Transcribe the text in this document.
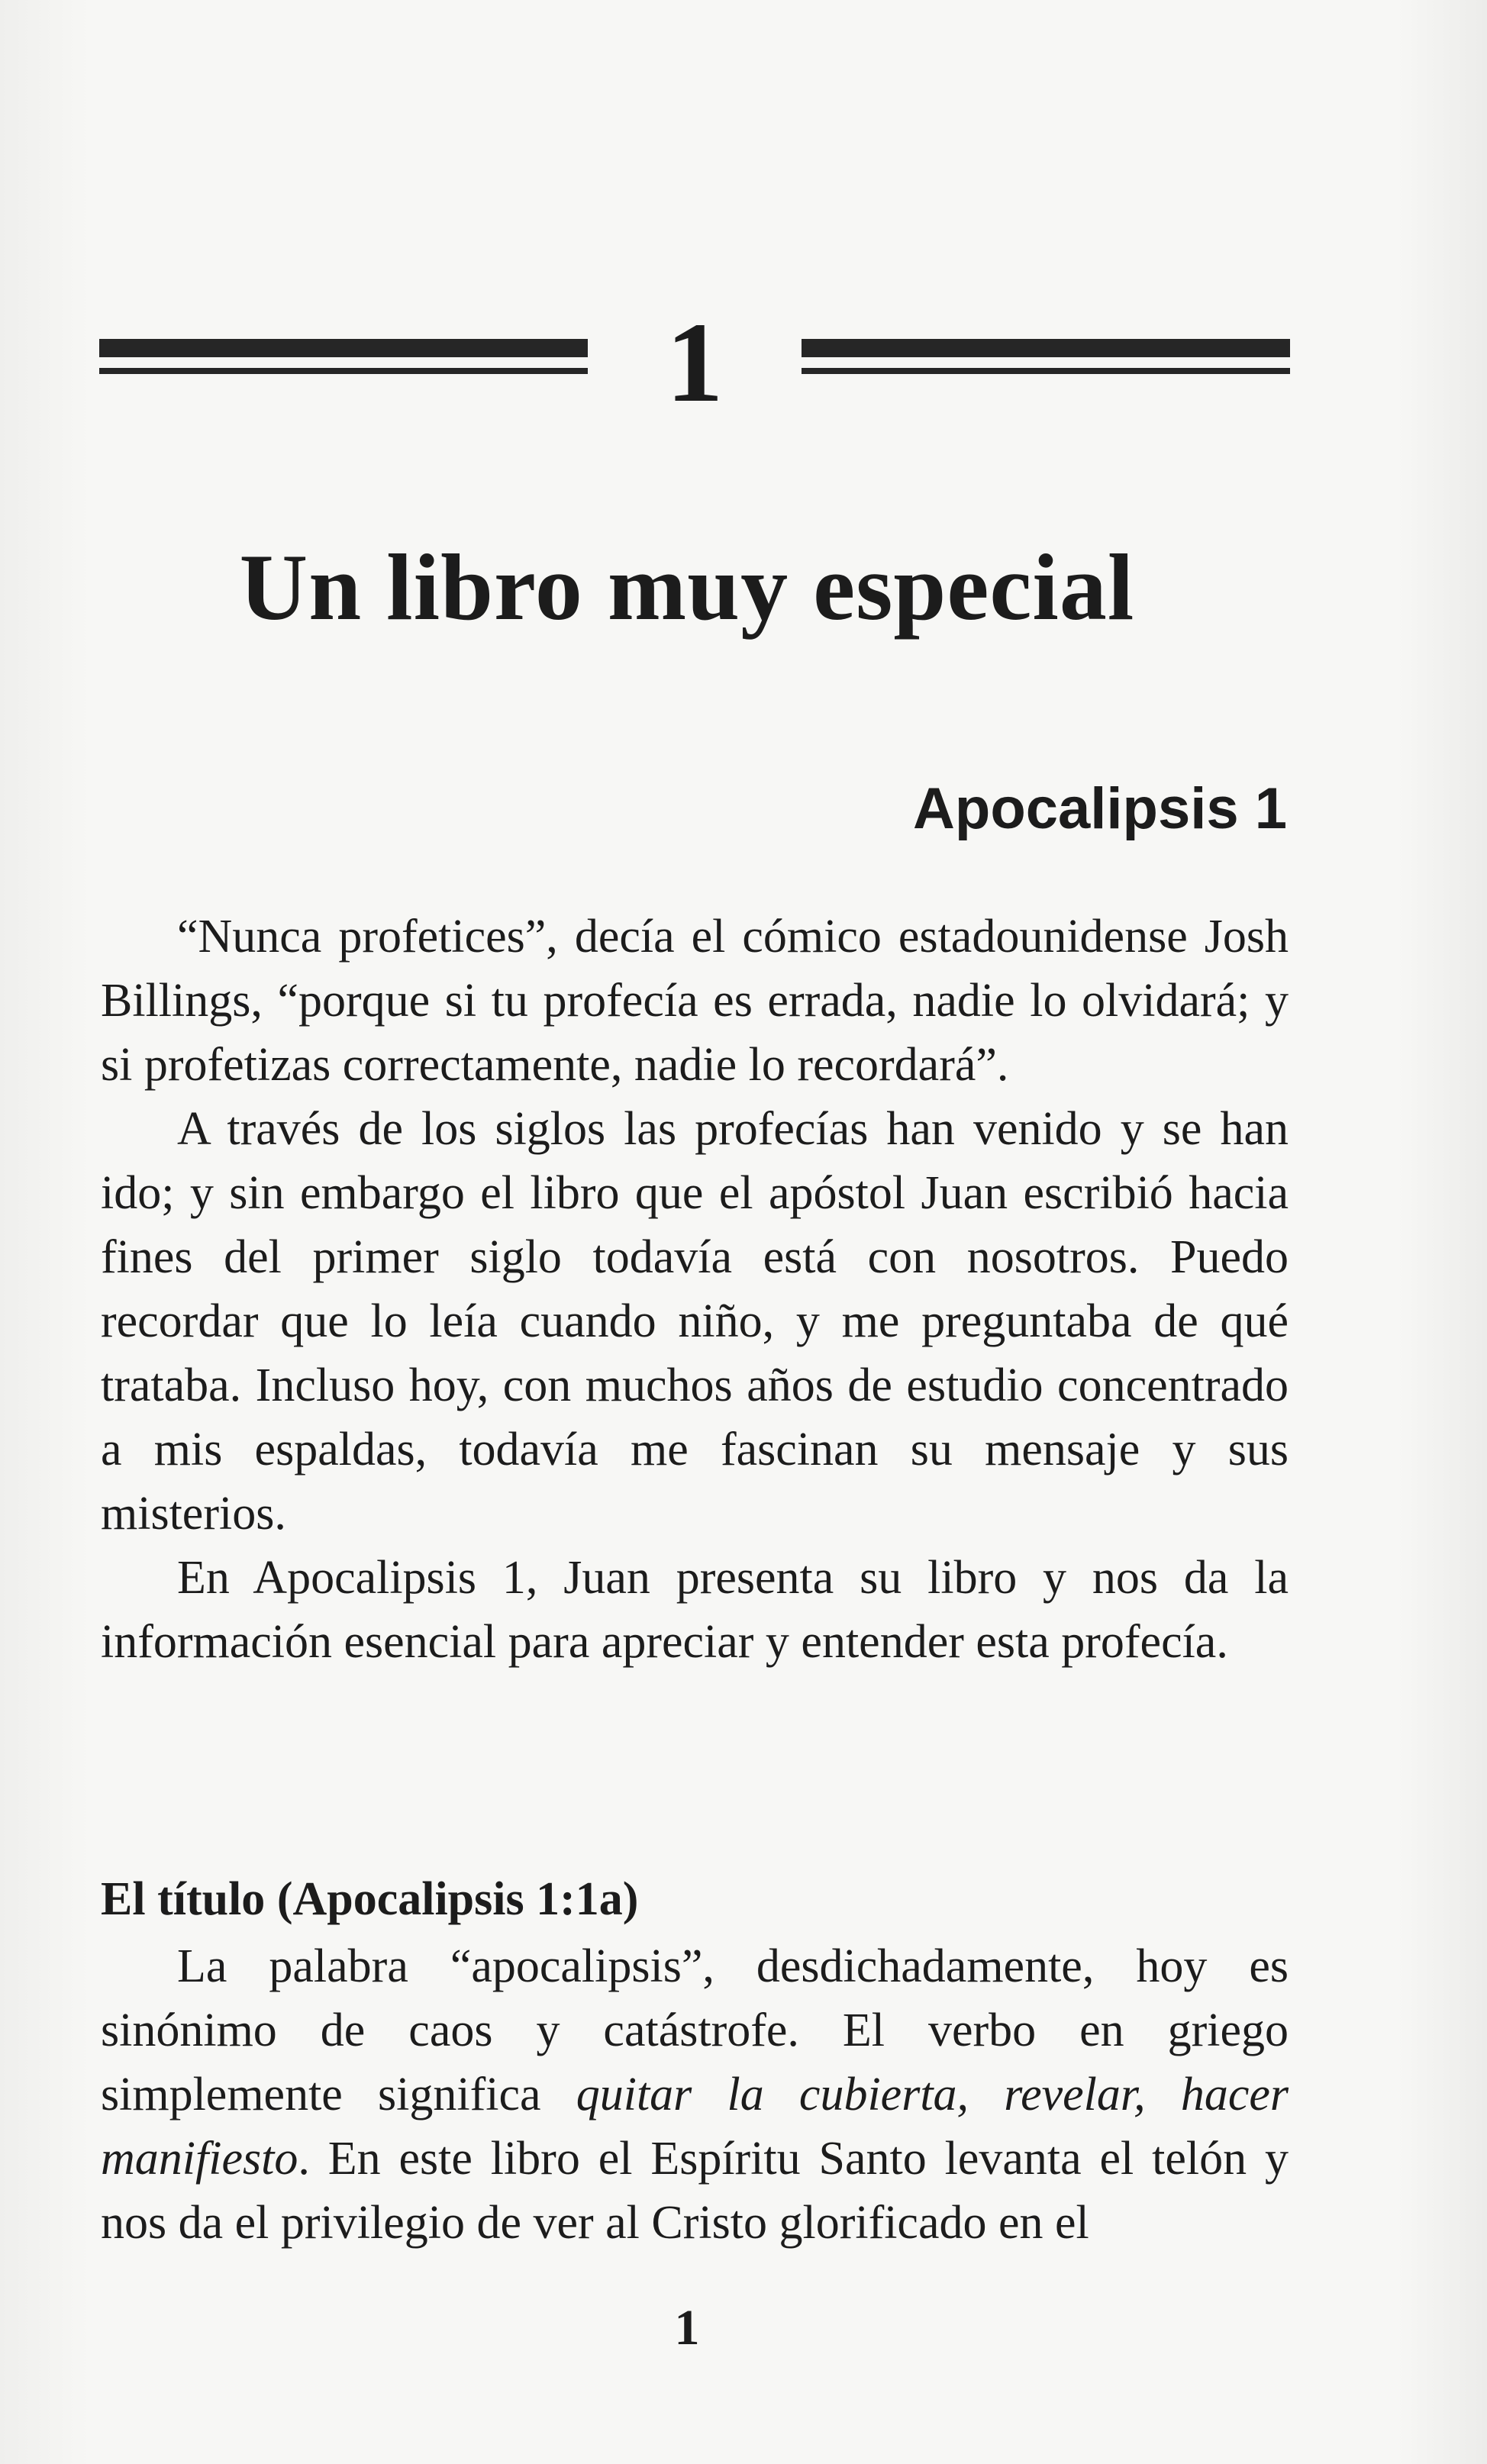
1
Un libro muy especial
Apocalipsis 1

“Nunca profetices”, decía el cómico estadounidense Josh Billings, “porque si tu profecía es errada, nadie lo olvidará; y si profetizas correctamente, nadie lo recordará”.

A través de los siglos las profecías han venido y se han ido; y sin embargo el libro que el apóstol Juan escribió hacia fines del primer siglo todavía está con nosotros. Puedo recordar que lo leía cuando niño, y me preguntaba de qué trataba. Incluso hoy, con muchos años de estudio concentrado a mis espaldas, todavía me fascinan su mensaje y sus misterios.

En Apocalipsis 1, Juan presenta su libro y nos da la información esencial para apreciar y entender esta profecía.

El título (Apocalipsis 1:1a)

La palabra “apocalipsis”, desdichadamente, hoy es sinónimo de caos y catástrofe. El verbo en griego simplemente significa quitar la cubierta, revelar, hacer manifiesto. En este libro el Espíritu Santo levanta el telón y nos da el privilegio de ver al Cristo glorificado en el

1
